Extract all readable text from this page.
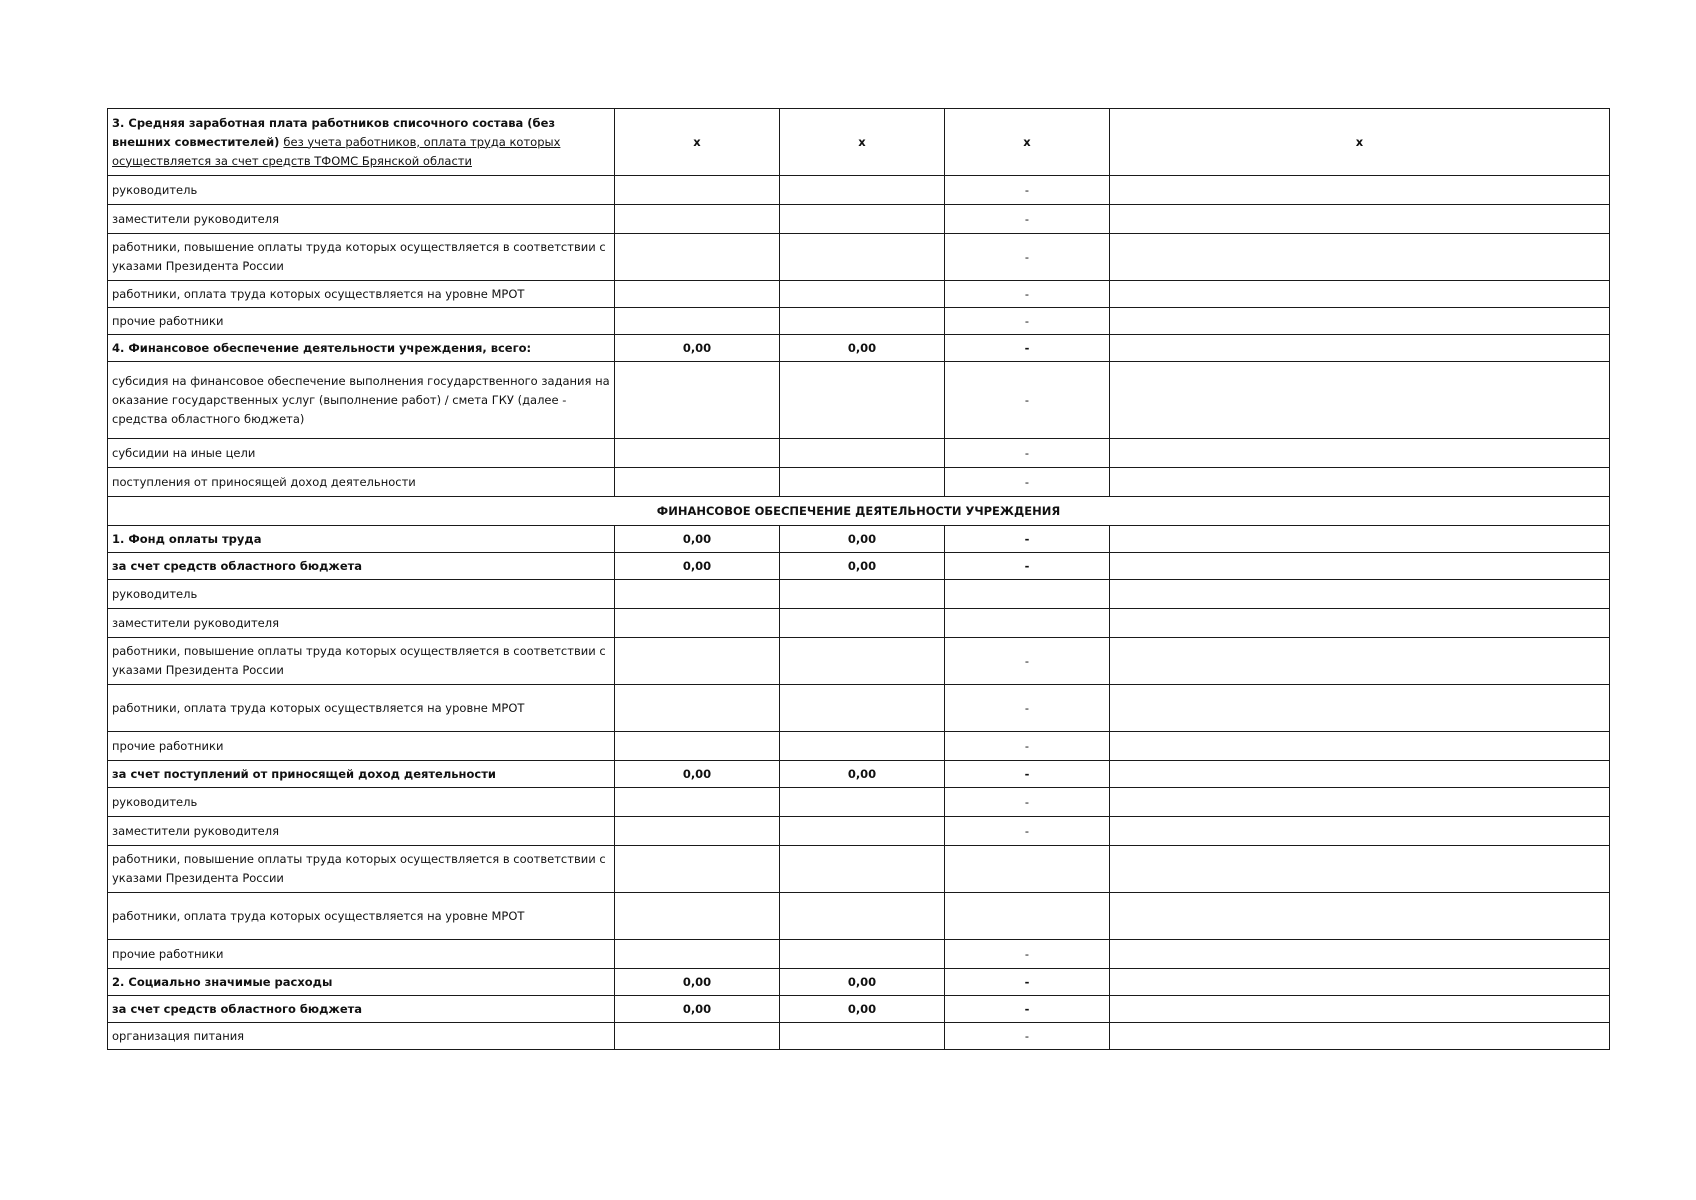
3. Средняя заработная плата работников списочного состава (без внешних совместителей) без учета работников, оплата труда которых осуществляется за счет средств ТФОМС Брянской области	x	x	x	x
руководитель			-	
заместители руководителя			-	
работники, повышение оплаты труда которых осуществляется в соответствии с указами Президента России			-	
работники, оплата труда которых осуществляется на уровне МРОТ			-	
прочие работники			-	
4. Финансовое обеспечение деятельности учреждения, всего:	0,00	0,00	-	
субсидия на финансовое обеспечение выполнения государственного задания на оказание государственных услуг (выполнение работ) / смета ГКУ (далее - средства областного бюджета)			-	
субсидии на иные цели			-	
поступления от приносящей доход деятельности			-	
ФИНАНСОВОЕ ОБЕСПЕЧЕНИЕ ДЕЯТЕЛЬНОСТИ УЧРЕЖДЕНИЯ				
1. Фонд оплаты труда	0,00	0,00	-	
за счет средств областного бюджета	0,00	0,00	-	
руководитель				
заместители руководителя				
работники, повышение оплаты труда которых осуществляется в соответствии с указами Президента России			-	
работники, оплата труда которых осуществляется на уровне МРОТ			-	
прочие работники			-	
за счет поступлений от приносящей доход деятельности	0,00	0,00	-	
руководитель			-	
заместители руководителя			-	
работники, повышение оплаты труда которых осуществляется в соответствии с указами Президента России				
работники, оплата труда которых осуществляется на уровне МРОТ				
прочие работники			-	
2. Социально значимые расходы	0,00	0,00	-	
за счет средств областного бюджета	0,00	0,00	-	
организация питания			-	
